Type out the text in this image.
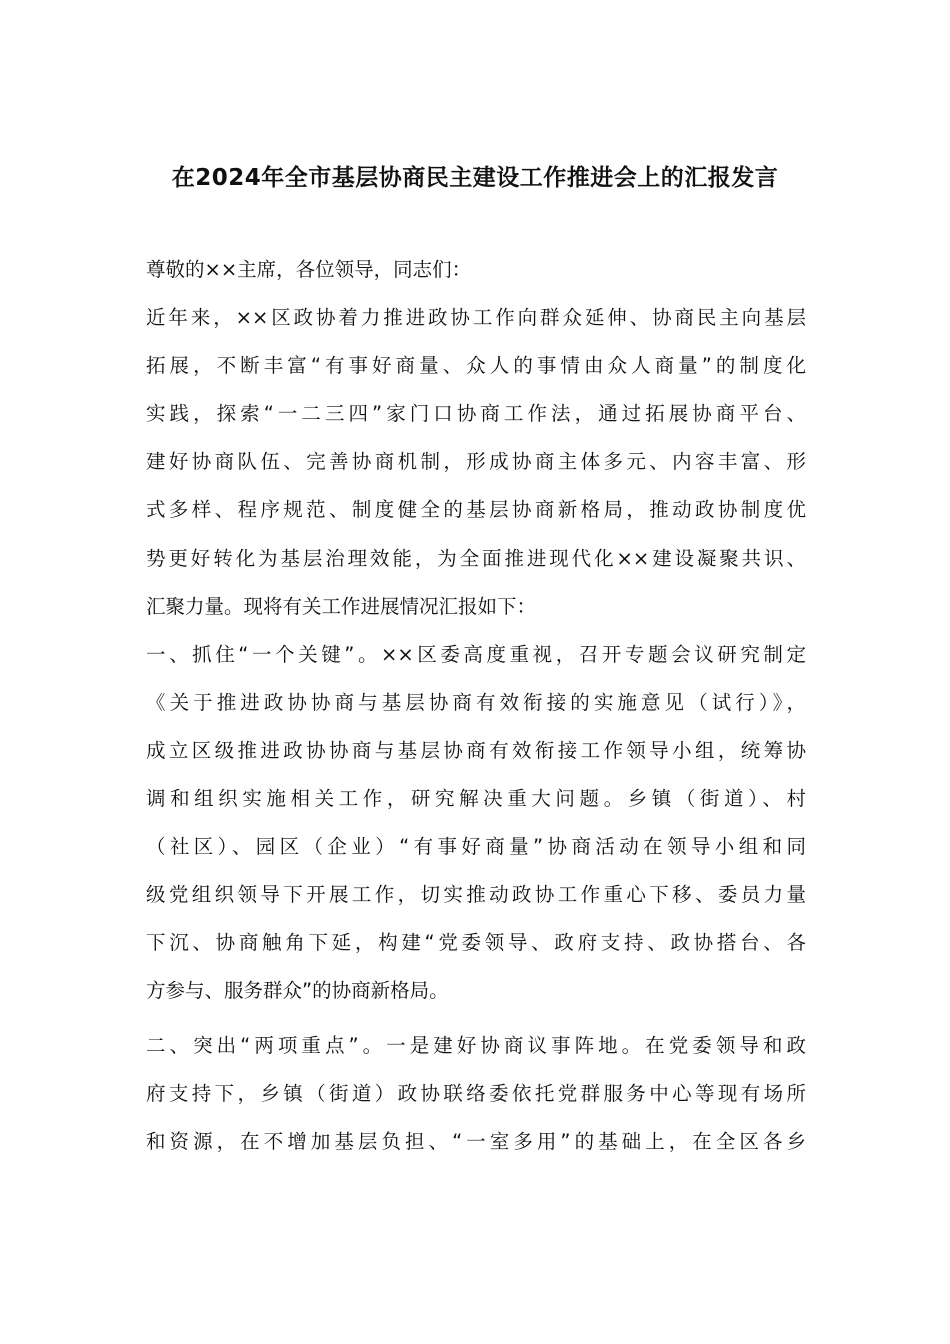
在2024年全市基层协商民主建设工作推进会上的汇报发言
尊敬的××主席，各位领导，同志们：
近年来，××区政协着力推进政协工作向群众延伸、协商民主向基层
拓展，不断丰富“有事好商量、众人的事情由众人商量”的制度化
实践，探索“一二三四”家门口协商工作法，通过拓展协商平台、
建好协商队伍、完善协商机制，形成协商主体多元、内容丰富、形
式多样、程序规范、制度健全的基层协商新格局，推动政协制度优
势更好转化为基层治理效能，为全面推进现代化××建设凝聚共识、
汇聚力量。现将有关工作进展情况汇报如下：
一、抓住“一个关键”。××区委高度重视，召开专题会议研究制定
《关于推进政协协商与基层协商有效衔接的实施意见（试行）》，
成立区级推进政协协商与基层协商有效衔接工作领导小组，统筹协
调和组织实施相关工作，研究解决重大问题。乡镇（街道）、村
（社区）、园区（企业）“有事好商量”协商活动在领导小组和同
级党组织领导下开展工作，切实推动政协工作重心下移、委员力量
下沉、协商触角下延，构建“党委领导、政府支持、政协搭台、各
方参与、服务群众”的协商新格局。
二、突出“两项重点”。一是建好协商议事阵地。在党委领导和政
府支持下，乡镇（街道）政协联络委依托党群服务中心等现有场所
和资源，在不增加基层负担、“一室多用”的基础上，在全区各乡
